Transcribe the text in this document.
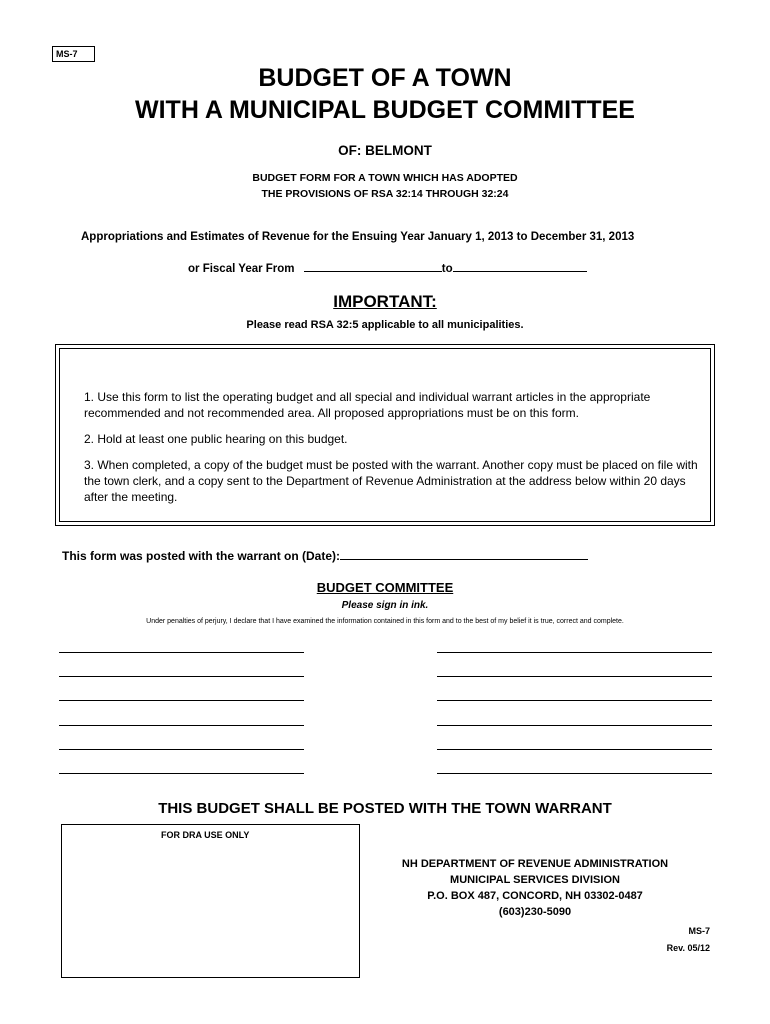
MS-7
BUDGET OF A TOWN
WITH A MUNICIPAL BUDGET COMMITTEE
OF: BELMONT
BUDGET FORM FOR A TOWN WHICH HAS ADOPTED
THE PROVISIONS OF RSA 32:14 THROUGH 32:24
Appropriations and Estimates of Revenue for the Ensuing Year January 1, 2013 to December 31, 2013
or Fiscal Year From	to
IMPORTANT:
Please read RSA 32:5 applicable to all municipalities.

1. Use this form to list the operating budget and all special and individual warrant articles in the appropriate recommended and not recommended area. All proposed appropriations must be on this form.

2. Hold at least one public hearing on this budget.

3. When completed, a copy of the budget must be posted with the warrant. Another copy must be placed on file with the town clerk, and a copy sent to the Department of Revenue Administration at the address below within 20 days after the meeting.

This form was posted with the warrant on (Date):
BUDGET COMMITTEE
Please sign in ink.
Under penalties of perjury, I declare that I have examined the information contained in this form and to the best of my belief it is true, correct and complete.
THIS BUDGET SHALL BE POSTED WITH THE TOWN WARRANT
FOR DRA USE ONLY
NH DEPARTMENT OF REVENUE ADMINISTRATION
MUNICIPAL SERVICES DIVISION
P.O. BOX 487, CONCORD, NH 03302-0487
(603)230-5090
MS-7
Rev. 05/12
